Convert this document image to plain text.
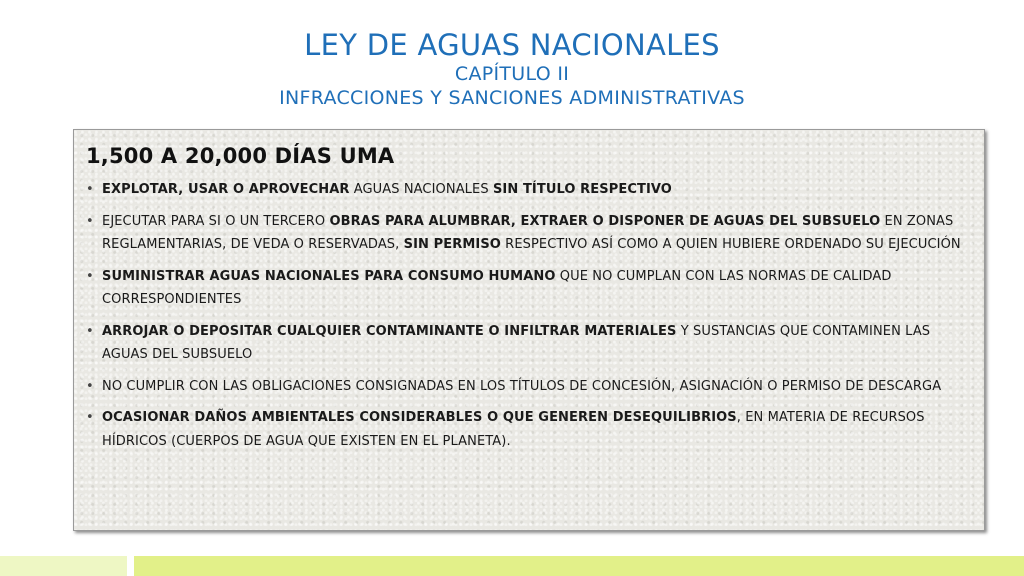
LEY DE AGUAS NACIONALES
CAPÍTULO II
INFRACCIONES Y SANCIONES ADMINISTRATIVAS
1,500 A 20,000 DÍAS UMA
• EXPLOTAR, USAR O APROVECHAR AGUAS NACIONALES SIN TÍTULO RESPECTIVO
• EJECUTAR PARA SI O UN TERCERO OBRAS PARA ALUMBRAR, EXTRAER O DISPONER DE AGUAS DEL SUBSUELO EN ZONAS REGLAMENTARIAS, DE VEDA O RESERVADAS, SIN PERMISO RESPECTIVO ASÍ COMO A QUIEN HUBIERE ORDENADO SU EJECUCIÓN
• SUMINISTRAR AGUAS NACIONALES PARA CONSUMO HUMANO QUE NO CUMPLAN CON LAS NORMAS DE CALIDAD CORRESPONDIENTES
• ARROJAR O DEPOSITAR CUALQUIER CONTAMINANTE O INFILTRAR MATERIALES Y SUSTANCIAS QUE CONTAMINEN LAS AGUAS DEL SUBSUELO
• NO CUMPLIR CON LAS OBLIGACIONES CONSIGNADAS EN LOS TÍTULOS DE CONCESIÓN, ASIGNACIÓN O PERMISO DE DESCARGA
• OCASIONAR DAÑOS AMBIENTALES CONSIDERABLES O QUE GENEREN DESEQUILIBRIOS, EN MATERIA DE RECURSOS HÍDRICOS (CUERPOS DE AGUA QUE EXISTEN EN EL PLANETA).
